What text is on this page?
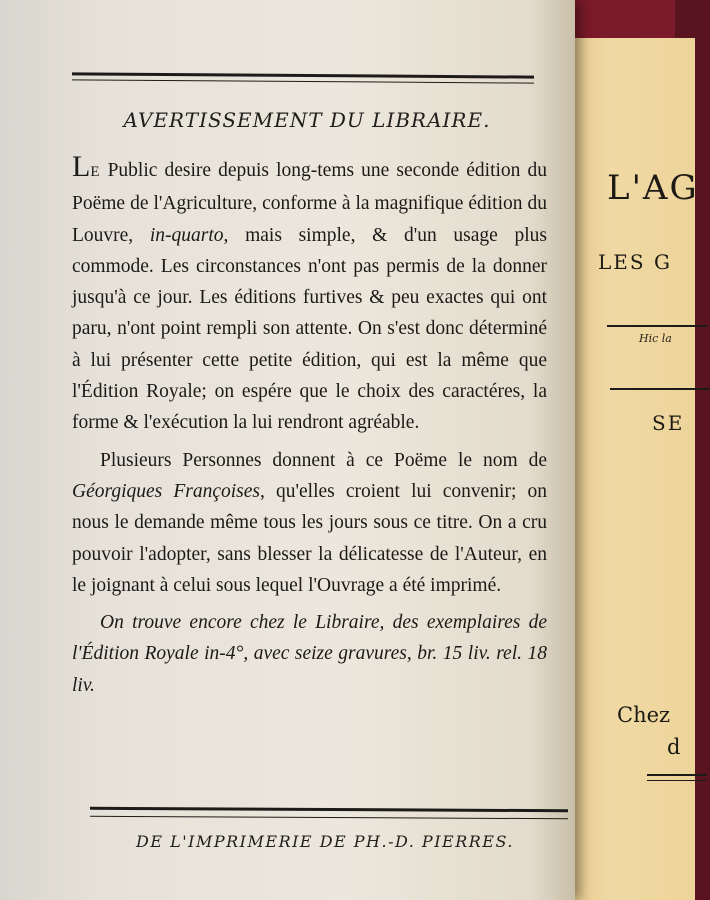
L'AG
LES G
Hic la
SE
Chez
d
AVERTISSEMENT DU LIBRAIRE.

LE Public desire depuis long-tems une seconde édition du Poëme de l'Agriculture, conforme à la magnifique édition du Louvre, in-quarto, mais simple, & d'un usage plus commode. Les circonstances n'ont pas permis de la donner jusqu'à ce jour. Les éditions furtives & peu exactes qui ont paru, n'ont point rempli son attente. On s'est donc déterminé à lui présenter cette petite édition, qui est la même que l'Édition Royale; on espére que le choix des caractéres, la forme & l'exécution la lui rendront agréable.

Plusieurs Personnes donnent à ce Poëme le nom de Géorgiques Françoises, qu'elles croient lui convenir; on nous le demande même tous les jours sous ce titre. On a cru pouvoir l'adopter, sans blesser la délicatesse de l'Auteur, en le joignant à celui sous lequel l'Ouvrage a été imprimé.

On trouve encore chez le Libraire, des exemplaires de l'Édition Royale in-4°, avec seize gravures, br. 15 liv. rel. 18 liv.

DE L'IMPRIMERIE DE PH.-D. PIERRES.
